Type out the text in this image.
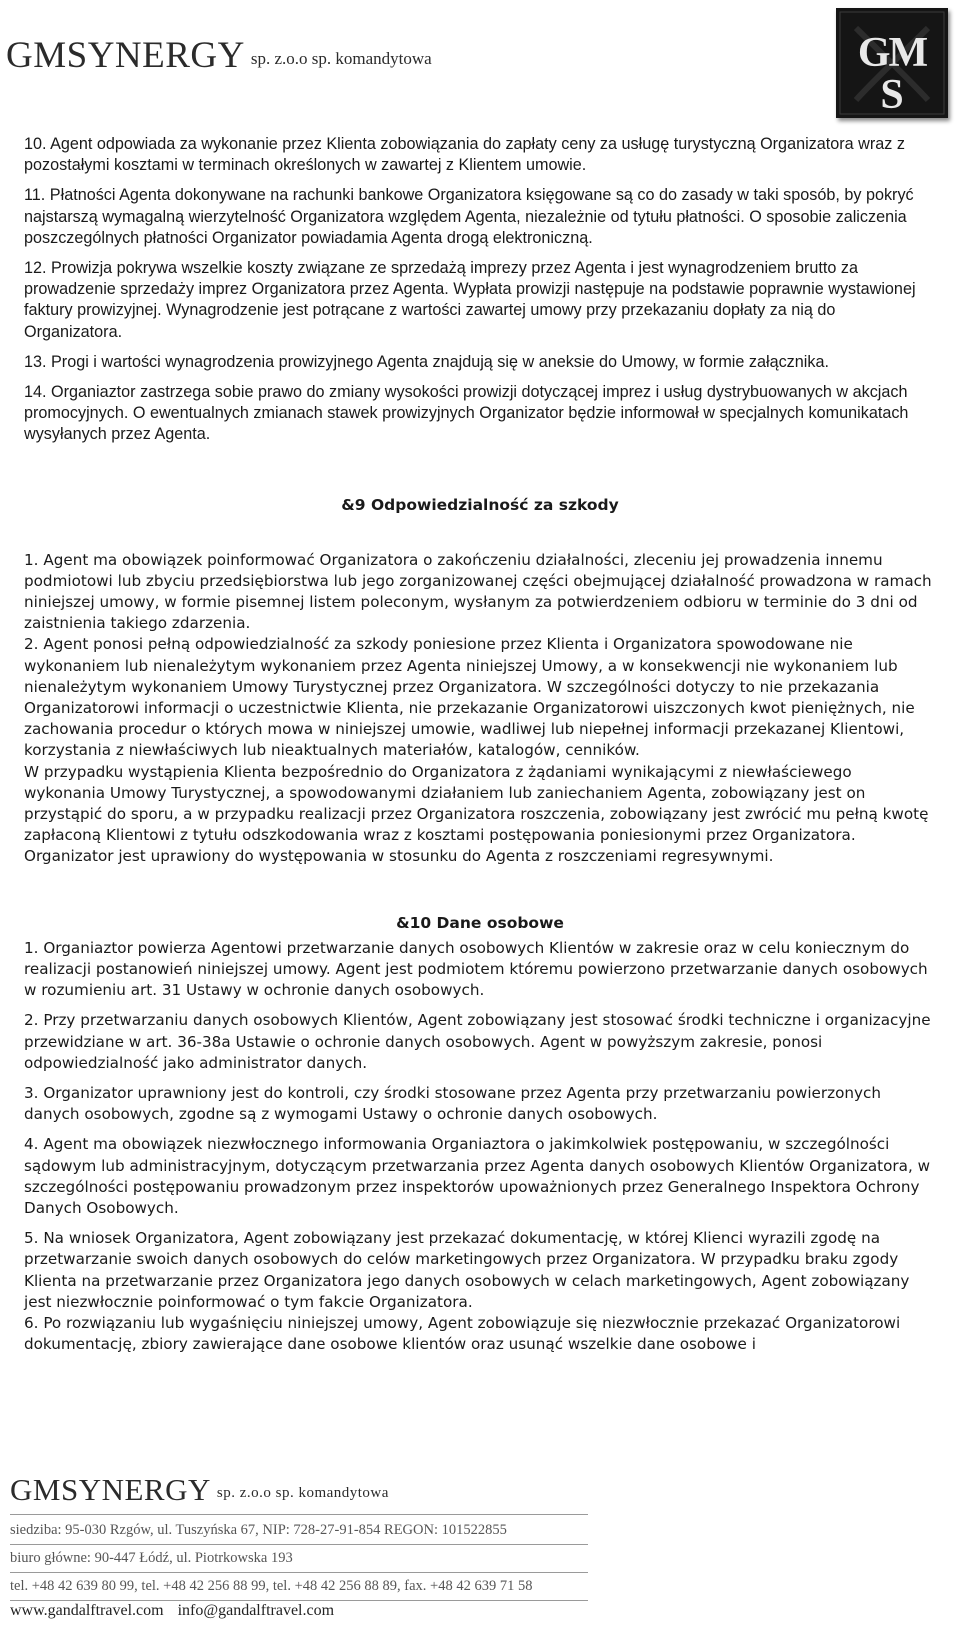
GMSYNERGY sp. z.o.o sp. komandytowa	GM
S

10. Agent odpowiada za wykonanie przez Klienta zobowiązania do zapłaty ceny za usługę turystyczną Organizatora wraz z pozostałymi kosztami w terminach określonych w zawartej z Klientem umowie.

11. Płatności Agenta dokonywane na rachunki bankowe Organizatora księgowane są co do zasady w taki sposób, by pokryć najstarszą wymagalną wierzytelność Organizatora względem Agenta, niezależnie od tytułu płatności. O sposobie zaliczenia poszczególnych płatności Organizator powiadamia Agenta drogą elektroniczną.

12. Prowizja pokrywa wszelkie koszty związane ze sprzedażą imprezy przez Agenta i jest wynagrodzeniem brutto za prowadzenie sprzedaży imprez Organizatora przez Agenta. Wypłata prowizji następuje na podstawie poprawnie wystawionej faktury prowizyjnej. Wynagrodzenie jest potrącane z wartości zawartej umowy przy przekazaniu dopłaty za nią do Organizatora.

13. Progi i wartości wynagrodzenia prowizyjnego Agenta znajdują się w aneksie do Umowy, w formie załącznika.

14. Organiaztor zastrzega sobie prawo do zmiany wysokości prowizji dotyczącej imprez i usług dystrybuowanych w akcjach promocyjnych. O ewentualnych zmianach stawek prowizyjnych Organizator będzie informował w specjalnych komunikatach wysyłanych przez Agenta.

&9 Odpowiedzialność za szkody

1. Agent ma obowiązek poinformować Organizatora o zakończeniu działalności, zleceniu jej prowadzenia innemu podmiotowi lub zbyciu przedsiębiorstwa lub jego zorganizowanej części obejmującej działalność prowadzona w ramach niniejszej umowy, w formie pisemnej listem poleconym, wysłanym za potwierdzeniem odbioru w terminie do 3 dni od zaistnienia takiego zdarzenia.

2. Agent ponosi pełną odpowiedzialność za szkody poniesione przez Klienta i Organizatora spowodowane nie wykonaniem lub nienależytym wykonaniem przez Agenta niniejszej Umowy, a w konsekwencji nie wykonaniem lub nienależytym wykonaniem Umowy Turystycznej przez Organizatora. W szczególności dotyczy to nie przekazania Organizatorowi informacji o uczestnictwie Klienta, nie przekazanie Organizatorowi uiszczonych kwot pieniężnych, nie zachowania procedur o których mowa w niniejszej umowie, wadliwej lub niepełnej informacji przekazanej Klientowi, korzystania z niewłaściwych lub nieaktualnych materiałów, katalogów, cenników.

W przypadku wystąpienia Klienta bezpośrednio do Organizatora z żądaniami wynikającymi z niewłaściewego wykonania Umowy Turystycznej, a spowodowanymi działaniem lub zaniechaniem Agenta, zobowiązany jest on przystąpić do sporu, a w przypadku realizacji przez Organizatora roszczenia, zobowiązany jest zwrócić mu pełną kwotę zapłaconą Klientowi z tytułu odszkodowania wraz z kosztami postępowania poniesionymi przez Organizatora. Organizator jest uprawiony do występowania w stosunku do Agenta z roszczeniami regresywnymi.

&10 Dane osobowe

1. Organiaztor powierza Agentowi przetwarzanie danych osobowych Klientów w zakresie oraz w celu koniecznym do realizacji postanowień niniejszej umowy. Agent jest podmiotem któremu powierzono przetwarzanie danych osobowych w rozumieniu art. 31 Ustawy w ochronie danych osobowych.

2. Przy przetwarzaniu danych osobowych Klientów, Agent zobowiązany jest stosować środki techniczne i organizacyjne przewidziane w art. 36-38a Ustawie o ochronie danych osobowych. Agent w powyższym zakresie, ponosi odpowiedzialność jako administrator danych.

3. Organizator uprawniony jest do kontroli, czy środki stosowane przez Agenta przy przetwarzaniu powierzonych danych osobowych, zgodne są z wymogami Ustawy o ochronie danych osobowych.

4. Agent ma obowiązek niezwłocznego informowania Organiaztora o jakimkolwiek postępowaniu, w szczególności sądowym lub administracyjnym, dotyczącym przetwarzania przez Agenta danych osobowych Klientów Organizatora, w szczególności postępowaniu prowadzonym przez inspektorów upoważnionych przez Generalnego Inspektora Ochrony Danych Osobowych.

5. Na wniosek Organizatora, Agent zobowiązany jest przekazać dokumentację, w której Klienci wyrazili zgodę na przetwarzanie swoich danych osobowych do celów marketingowych przez Organizatora. W przypadku braku zgody Klienta na przetwarzanie przez Organizatora jego danych osobowych w celach marketingowych, Agent zobowiązany jest niezwłocznie poinformować o tym fakcie Organizatora.

6. Po rozwiązaniu lub wygaśnięciu niniejszej umowy, Agent zobowiązuje się niezwłocznie przekazać Organizatorowi dokumentację, zbiory zawierające dane osobowe klientów oraz usunąć wszelkie dane osobowe i

GMSYNERGY $^{sp. z.o.o sp. komandytowa}$
siedziba: 95-030 Rzgów, ul. Tuszyńska 67, NIP: 728-27-91-854 REGON: 101522855
biuro główne: 90-447 Łódź, ul. Piotrkowska 193
tel. +48 42 639 80 99, tel. +48 42 256 88 99, tel. +48 42 256 88 89, fax. +48 42 639 71 58
www.gandalftravel.com info@gandalftravel.com
